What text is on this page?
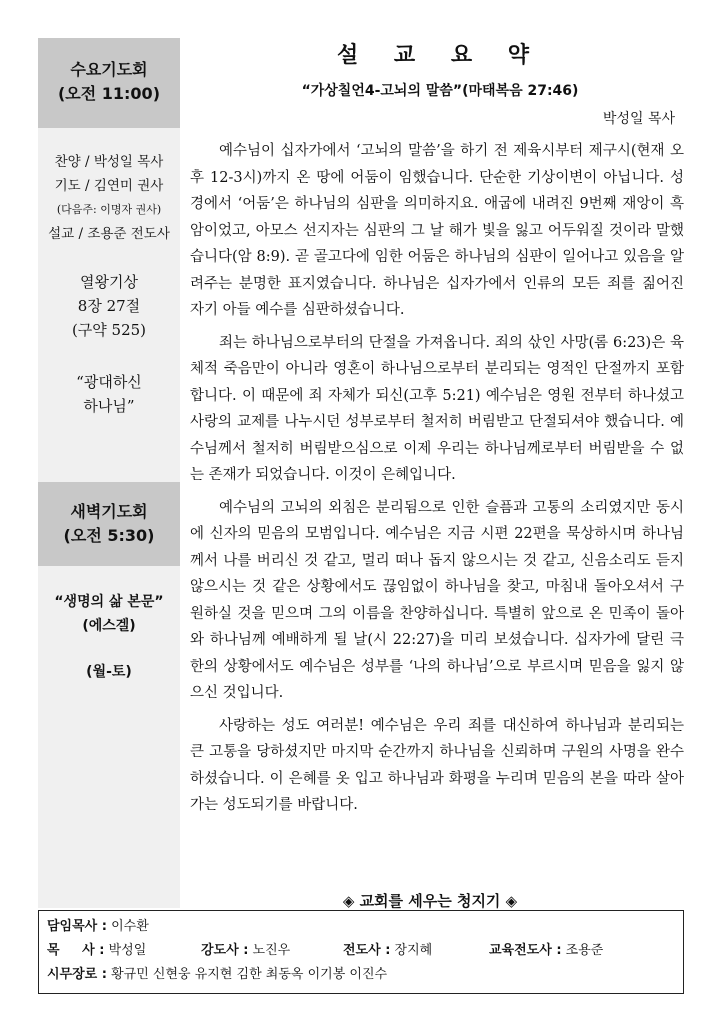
수요기도회
(오전 11:00)
찬양 / 박성일 목사
기도 / 김연미 권사
(다음주: 이명자 권사)
설교 / 조용준 전도사
열왕기상
8장 27절
(구약 525)
“광대하신
하나님”
새벽기도회
(오전 5:30)
“생명의 삶 본문”
(에스겔)
(월-토)
설 교 요 약
“가상칠언4-고뇌의 말씀”(마태복음 27:46)
박성일 목사

예수님이 십자가에서 ‘고뇌의 말씀’을 하기 전 제육시부터 제구시(현재 오후 12-3시)까지 온 땅에 어둠이 임했습니다. 단순한 기상이변이 아닙니다. 성경에서 ‘어둠’은 하나님의 심판을 의미하지요. 애굽에 내려진 9번째 재앙이 흑암이었고, 아모스 선지자는 심판의 그 날 해가 빛을 잃고 어두워질 것이라 말했습니다(암 8:9). 곧 골고다에 임한 어둠은 하나님의 심판이 일어나고 있음을 알려주는 분명한 표지였습니다. 하나님은 십자가에서 인류의 모든 죄를 짊어진 자기 아들 예수를 심판하셨습니다.

죄는 하나님으로부터의 단절을 가져옵니다. 죄의 삯인 사망(롬 6:23)은 육체적 죽음만이 아니라 영혼이 하나님으로부터 분리되는 영적인 단절까지 포함합니다. 이 때문에 죄 자체가 되신(고후 5:21) 예수님은 영원 전부터 하나셨고 사랑의 교제를 나누시던 성부로부터 철저히 버림받고 단절되셔야 했습니다. 예수님께서 철저히 버림받으심으로 이제 우리는 하나님께로부터 버림받을 수 없는 존재가 되었습니다. 이것이 은혜입니다.

예수님의 고뇌의 외침은 분리됨으로 인한 슬픔과 고통의 소리였지만 동시에 신자의 믿음의 모범입니다. 예수님은 지금 시편 22편을 묵상하시며 하나님께서 나를 버리신 것 같고, 멀리 떠나 돕지 않으시는 것 같고, 신음소리도 듣지 않으시는 것 같은 상황에서도 끊임없이 하나님을 찾고, 마침내 돌아오셔서 구원하실 것을 믿으며 그의 이름을 찬양하십니다. 특별히 앞으로 온 민족이 돌아와 하나님께 예배하게 될 날(시 22:27)을 미리 보셨습니다. 십자가에 달린 극한의 상황에서도 예수님은 성부를 ‘나의 하나님’으로 부르시며 믿음을 잃지 않으신 것입니다.

사랑하는 성도 여러분! 예수님은 우리 죄를 대신하여 하나님과 분리되는 큰 고통을 당하셨지만 마지막 순간까지 하나님을 신뢰하며 구원의 사명을 완수하셨습니다. 이 은혜를 옷 입고 하나님과 화평을 누리며 믿음의 본을 따라 살아가는 성도되기를 바랍니다.

◈ 교회를 세우는 청지기 ◈
담임목사 : 이수환
목     사 : 박성일	강도사 : 노진우	전도사 : 장지혜	교육전도사 : 조용준
시무장로 : 황규민 신현웅 유지현 김한 최동옥 이기봉 이진수
